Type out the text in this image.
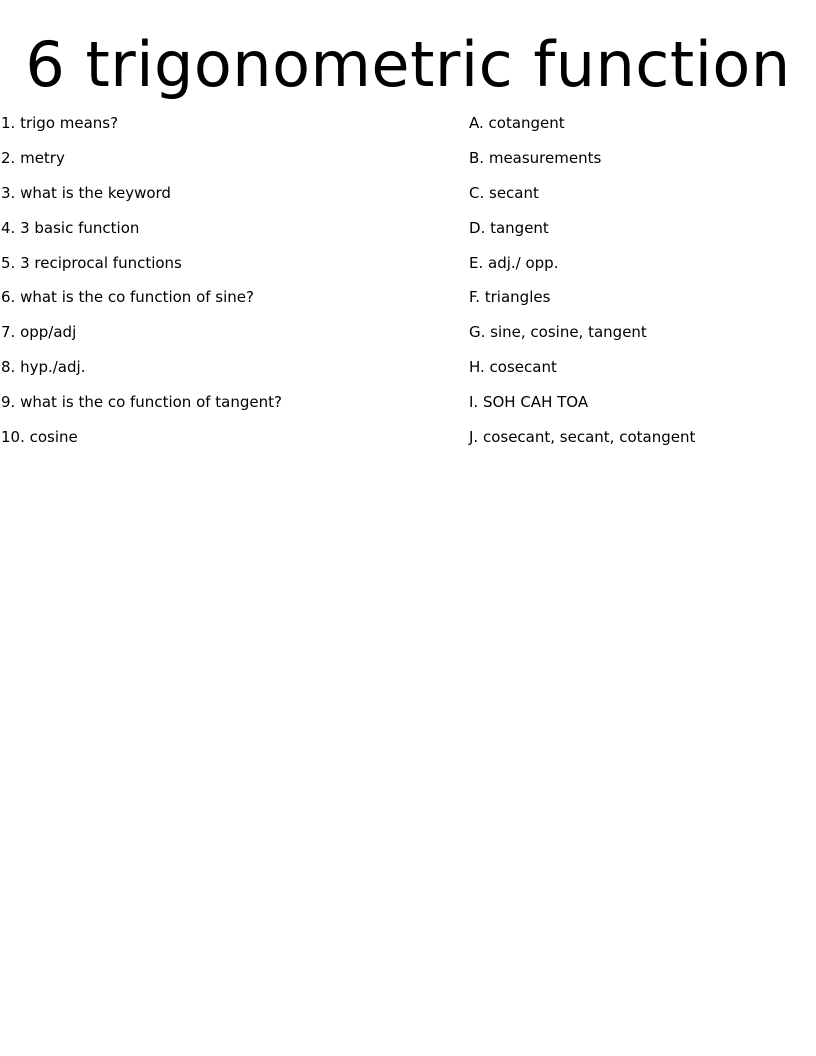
6 trigonometric function
1. trigo means?
2. metry
3. what is the keyword
4. 3 basic function
5. 3 reciprocal functions
6. what is the co function of sine?
7. opp/adj
8. hyp./adj.
9. what is the co function of tangent?
10. cosine
A. cotangent
B. measurements
C. secant
D. tangent
E. adj./ opp.
F. triangles
G. sine, cosine, tangent
H. cosecant
I. SOH CAH TOA
J. cosecant, secant, cotangent
